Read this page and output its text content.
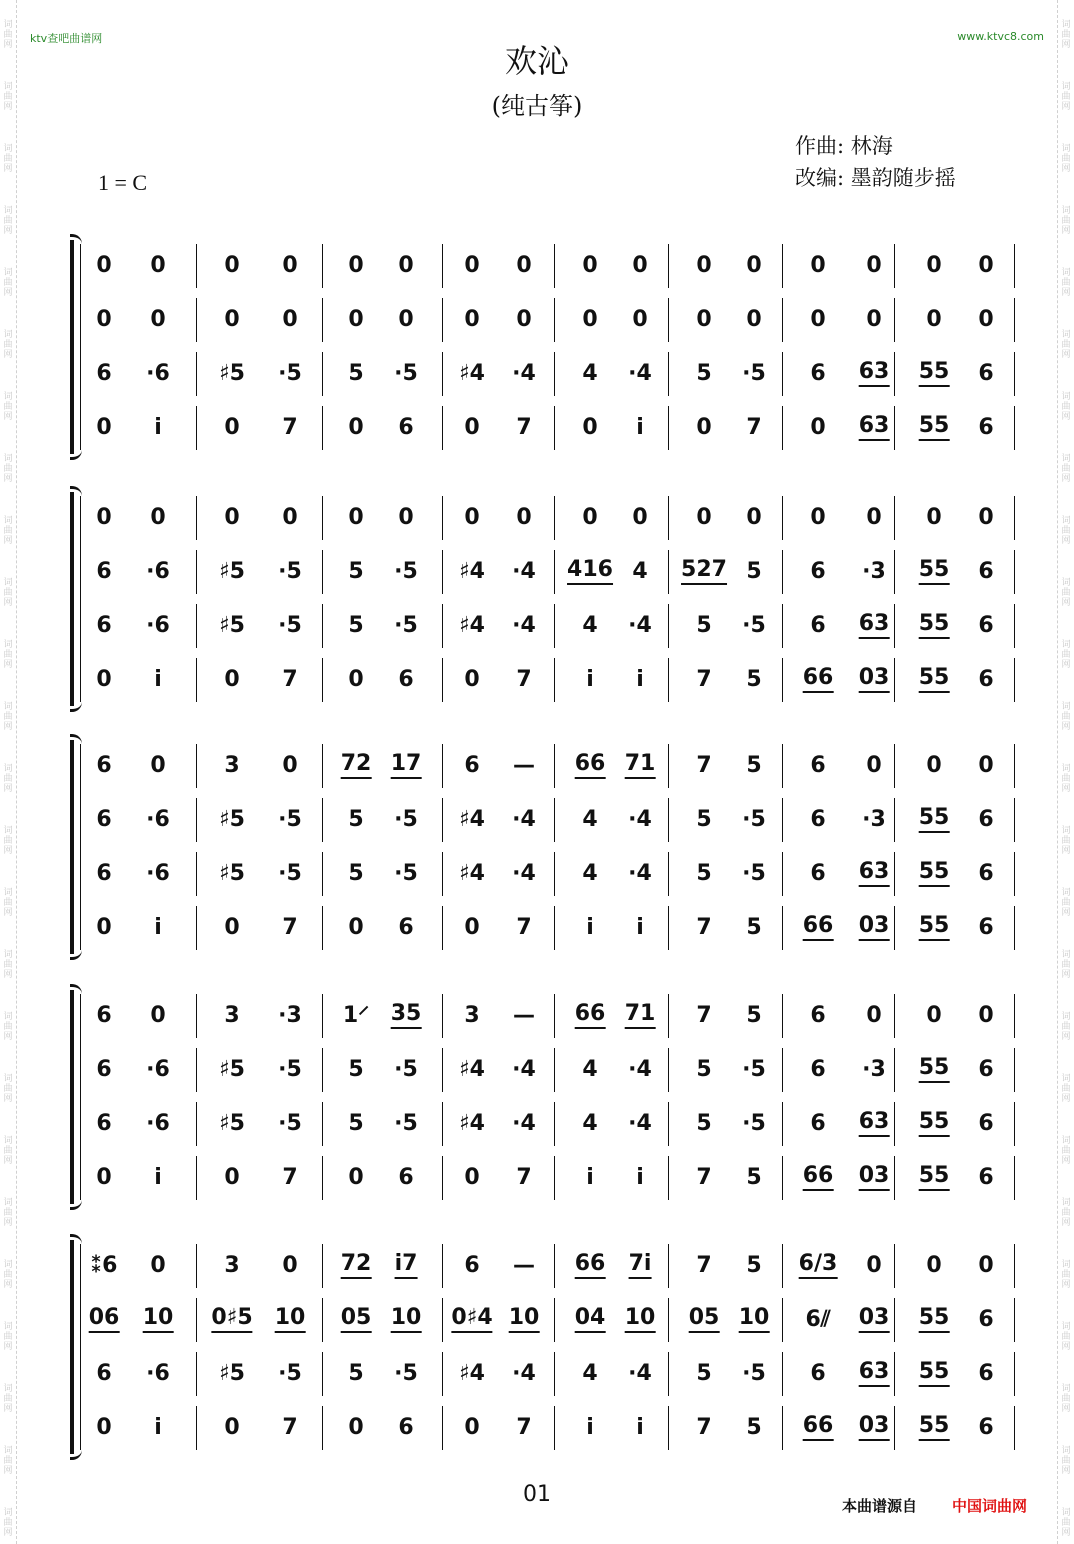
词
曲
网
词
曲
网
词
曲
网
词
曲
网
词
曲
网
词
曲
网
词
曲
网
词
曲
网
词
曲
网
词
曲
网
词
曲
网
词
曲
网
词
曲
网
词
曲
网
词
曲
网
词
曲
网
词
曲
网
词
曲
网
词
曲
网
词
曲
网
词
曲
网
词
曲
网
词
曲
网
词
曲
网
词
曲
网
词
曲
网
词
曲
网
词
曲
网
词
曲
网
词
曲
网
词
曲
网
词
曲
网
词
曲
网
词
曲
网
词
曲
网
词
曲
网
词
曲
网
词
曲
网
词
曲
网
词
曲
网
词
曲
网
词
曲
网
词
曲
网
词
曲
网
词
曲
网
词
曲
网
词
曲
网
词
曲
网
词
曲
网
词
曲
网
ktv查吧曲谱网	www.ktvc8.com
欢沁
(纯古筝)
1 = C
作曲: 林海
改编: 墨韵随步摇
0 0	0 0 0 0 0 0 0 0 0 0 0 0 0 0
0 0	0 0 0 0 0 0 0 0 0 0 0 0 0 0
6 ·6 ♯5 ·5 5 ·5 ♯4 ·4 4 ·4 5 ·5 6 63 55 6
0 i	0 7 0 6 0 7 0 i 0 7 0 63 55 6
0 0	0 0 0 0 0 0 0 0 0 0 0 0 0 0
6 ·6 ♯5 ·5 5 ·5 ♯4 ·4 416 4 527 5 6 ·3 55 6
6 ·6 ♯5 ·5 5 ·5 ♯4 ·4 4 ·4 5 ·5 6 63 55 6
0 i	0 7 0 6 0 7 i i 7 5 66 03 55 6
6 0	3 0 72 17 6 — 66 71 7 5 6 0 0 0
6 ·6 ♯5 ·5 5 ·5 ♯4 ·4 4 ·4 5 ·5 6 ·3 55 6
6 ·6 ♯5 ·5 5 ·5 ♯4 ·4 4 ·4 5 ·5 6 63 55 6
0 i	0 7 0 6 0 7 i i 7 5 66 03 55 6
6 0	3 ·3 1⸍ 35 3 — 66 71 7 5 6 0 0 0
6 ·6 ♯5 ·5 5 ·5 ♯4 ·4 4 ·4 5 ·5 6 ·3 55 6
6 ·6 ♯5 ·5 5 ·5 ♯4 ·4 4 ·4 5 ·5 6 63 55 6
0 i	0 7 0 6 0 7 i i 7 5 66 03 55 6
⁑6 0	3 0 72 i7 6 — 66 7i 7 5 6/3 0 0 0
06 10 0♯5 10 05 10 0♯4 10 04 10 05 10 6⫽ 03 55 6
6 ·6 ♯5 ·5 5 ·5 ♯4 ·4 4 ·4 5 ·5 6 63 55 6
0 i	0 7 0 6 0 7 i i 7 5 66 03 55 6
01	本曲谱源自 中国词曲网
